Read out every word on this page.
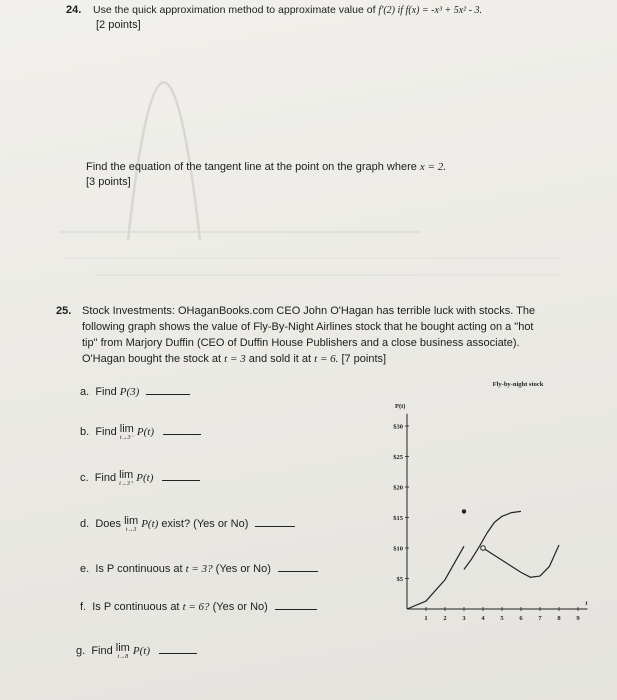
24. Use the quick approximation method to approximate value of f'(2) if f(x) = -x³ + 5x² - 3.
[2 points]
Find the equation of the tangent line at the point on the graph where x = 2.
[3 points]
25. Stock Investments: OHaganBooks.com CEO John O'Hagan has terrible luck with stocks. The
following graph shows the value of Fly-By-Night Airlines stock that he bought acting on a "hot
tip" from Marjory Duffin (CEO of Duffin House Publishers and a close business associate).
O'Hagan bought the stock at t = 3 and sold it at t = 6. [7 points]
a. Find P(3)
b. Find lim
t→3⁻ P(t)
c. Find lim
t→3⁺ P(t)
d. Does lim
t→3 P(t) exist? (Yes or No)
e. Is P continuous at t = 3? (Yes or No)
f. Is P continuous at t = 6? (Yes or No)
g. Find lim
t→8 P(t)
$5
$10
$15
$20
$25
$30
1 2 3 4 5 6 7 8 9
Fly-by-night stock
P(t)
t
